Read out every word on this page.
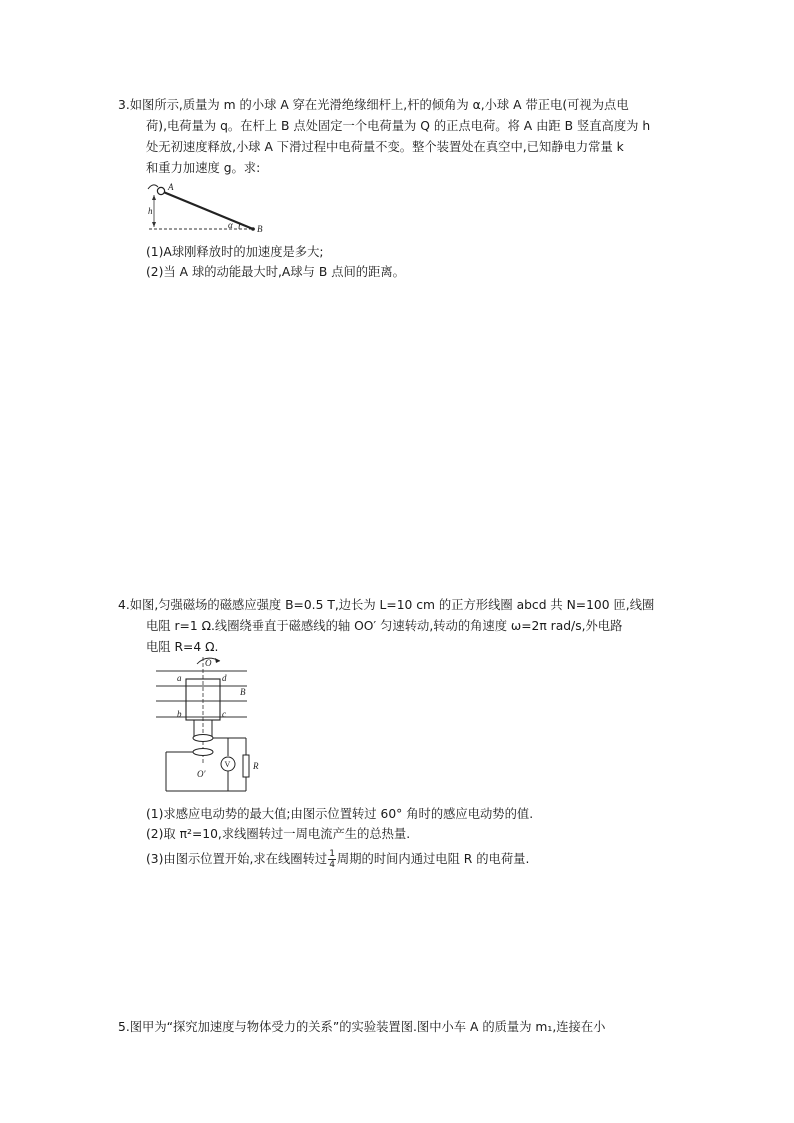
3.如图所示,质量为 m 的小球 A 穿在光滑绝缘细杆上,杆的倾角为 α,小球 A 带正电(可视为点电
荷),电荷量为 q。在杆上 B 点处固定一个电荷量为 Q 的正点电荷。将 A 由距 B 竖直高度为 h
处无初速度释放,小球 A 下滑过程中电荷量不变。整个装置处在真空中,已知静电力常量 k
和重力加速度 g。求:
A
h
α	B
(1)A球刚释放时的加速度是多大;
(2)当 A 球的动能最大时,A球与 B 点间的距离。
4.如图,匀强磁场的磁感应强度 B=0.5 T,边长为 L=10 cm 的正方形线圈 abcd 共 N=100 匝,线圈
电阻 r=1 Ω.线圈绕垂直于磁感线的轴 OO′ 匀速转动,转动的角速度 ω=2π rad/s,外电路
电阻 R=4 Ω.
O
a	d
B
b	c
O′
V	R
(1)求感应电动势的最大值;由图示位置转过 60° 角时的感应电动势的值.
(2)取 π²=10,求线圈转过一周电流产生的总热量.
(3)由图示位置开始,求在线圈转过 $\frac{1}{4}$ 周期的时间内通过电阻 R 的电荷量.
5.图甲为“探究加速度与物体受力的关系”的实验装置图.图中小车 A 的质量为 m₁,连接在小
